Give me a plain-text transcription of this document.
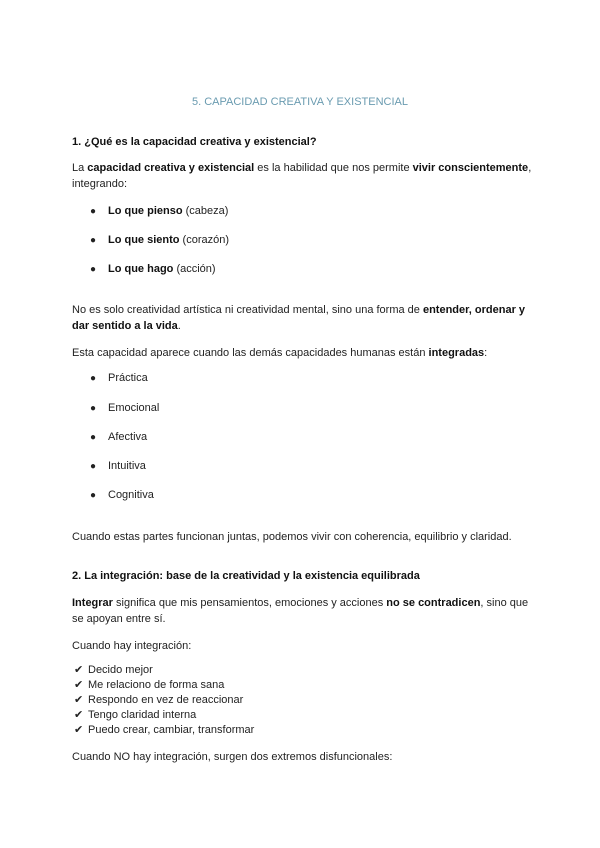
5. CAPACIDAD CREATIVA Y EXISTENCIAL
1. ¿Qué es la capacidad creativa y existencial?
La capacidad creativa y existencial es la habilidad que nos permite vivir conscientemente, integrando:
● Lo que pienso (cabeza)
● Lo que siento (corazón)
● Lo que hago (acción)
No es solo creatividad artística ni creatividad mental, sino una forma de entender, ordenar y dar sentido a la vida.
Esta capacidad aparece cuando las demás capacidades humanas están integradas:
● Práctica
● Emocional
● Afectiva
● Intuitiva
● Cognitiva
Cuando estas partes funcionan juntas, podemos vivir con coherencia, equilibrio y claridad.
2. La integración: base de la creatividad y la existencia equilibrada
Integrar significa que mis pensamientos, emociones y acciones no se contradicen, sino que se apoyan entre sí.
Cuando hay integración:
✔ Decido mejor
✔ Me relaciono de forma sana
✔ Respondo en vez de reaccionar
✔ Tengo claridad interna
✔ Puedo crear, cambiar, transformar
Cuando NO hay integración, surgen dos extremos disfuncionales:
